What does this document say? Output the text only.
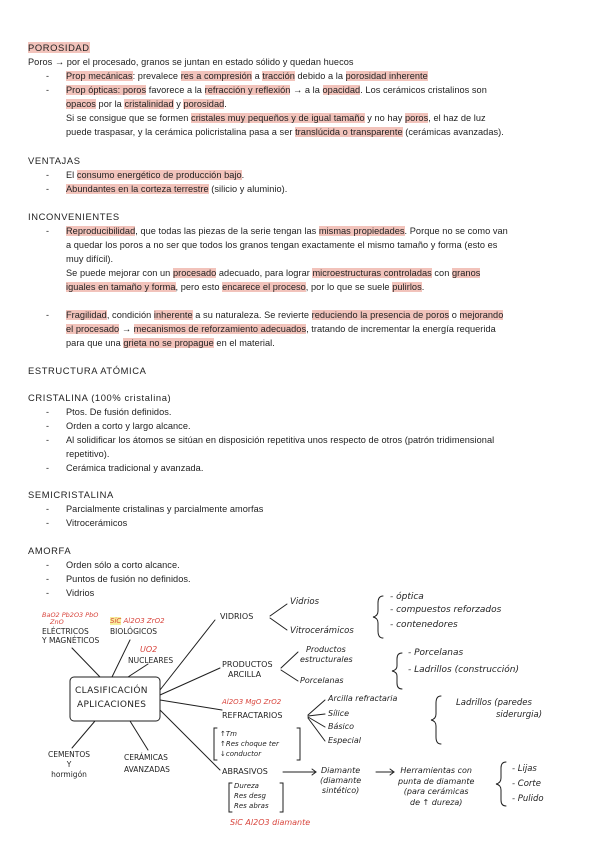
POROSIDAD
Poros → por el procesado, granos se juntan en estado sólido y quedan huecos
- Prop mecánicas: prevalece res a compresión a tracción debido a la porosidad inherente
- Prop ópticas: poros favorece a la refracción y reflexión → a la opacidad. Los cerámicos cristalinos son
opacos por la cristalinidad y porosidad.
Si se consigue que se formen cristales muy pequeños y de igual tamaño y no hay poros, el haz de luz
puede traspasar, y la cerámica policristalina pasa a ser translúcida o transparente (cerámicas avanzadas).
VENTAJAS
- El consumo energético de producción bajo.
- Abundantes en la corteza terrestre (silicio y aluminio).
INCONVENIENTES
- Reproducibilidad, que todas las piezas de la serie tengan las mismas propiedades. Porque no se como van
a quedar los poros a no ser que todos los granos tengan exactamente el mismo tamaño y forma (esto es
muy difícil).
Se puede mejorar con un procesado adecuado, para lograr microestructuras controladas con granos
iguales en tamaño y forma, pero esto encarece el proceso, por lo que se suele pulirlos.
- Fragilidad, condición inherente a su naturaleza. Se revierte reduciendo la presencia de poros o mejorando
el procesado → mecanismos de reforzamiento adecuados, tratando de incrementar la energía requerida
para que una grieta no se propague en el material.
ESTRUCTURA ATÓMICA
CRISTALINA (100% cristalina)
- Ptos. De fusión definidos.
- Orden a corto y largo alcance.
- Al solidificar los átomos se sitúan en disposición repetitiva unos respecto de otros (patrón tridimensional
repetitivo).
- Cerámica tradicional y avanzada.
SEMICRISTALINA
- Parcialmente cristalinas y parcialmente amorfas
- Vitrocerámicos
AMORFA
- Orden sólo a corto alcance.
- Puntos de fusión no definidos.
- Vidrios
BaO2 Pb2O3 PbO
ZnO
ELÉCTRICOS
Y MAGNÉTICOS
SiC Al2O3 ZrO2
BIOLÓGICOS
UO2
NUCLEARES
CLASIFICACIÓN
APLICACIONES
CEMENTOS
Y
hormigón
CERÁMICAS
AVANZADAS
VIDRIOS
Vidrios
Vitrocerámicos
- óptica
- compuestos reforzados
- contenedores
PRODUCTOS
ARCILLA
Productos
estructurales
Porcelanas
- Porcelanas
- Ladrillos (construcción)
Al2O3 MgO ZrO2
REFRACTARIOS
↑Tm
↑Res choque ter
↓conductor
Arcilla refractaria
Sílice
Básico
Especial
Ladrillos (paredes
siderurgia)
ABRASIVOS
Dureza
Res desg
Res abras
SiC Al2O3 diamante
Diamante
(diamante
sintético)
Herramientas con
punta de diamante
(para cerámicas
de ↑ dureza)
- Lijas
- Corte
- Pulido
